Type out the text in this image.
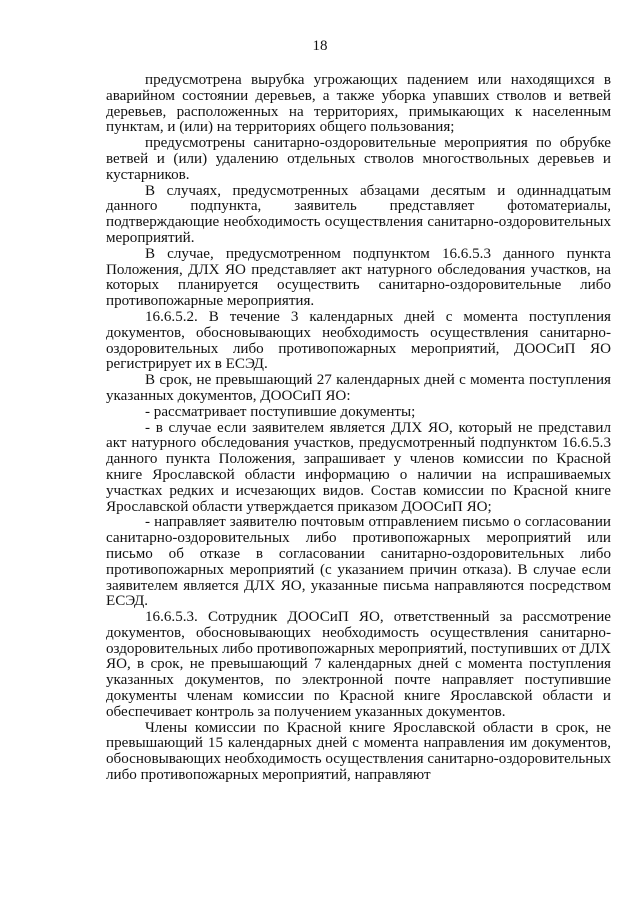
18

предусмотрена вырубка угрожающих падением или находящихся в аварийном состоянии деревьев, а также уборка упавших стволов и ветвей деревьев, расположенных на территориях, примыкающих к населенным пунктам, и (или) на территориях общего пользования;

предусмотрены санитарно-оздоровительные мероприятия по обрубке ветвей и (или) удалению отдельных стволов многоствольных деревьев и кустарников.

В случаях, предусмотренных абзацами десятым и одиннадцатым данного подпункта, заявитель представляет фотоматериалы, подтверждающие необходимость осуществления санитарно-оздоровительных мероприятий.

В случае, предусмотренном подпунктом 16.6.5.3 данного пункта Положения, ДЛХ ЯО представляет акт натурного обследования участков, на которых планируется осуществить санитарно-оздоровительные либо противопожарные мероприятия.

16.6.5.2. В течение 3 календарных дней с момента поступления документов, обосновывающих необходимость осуществления санитарно-оздоровительных либо противопожарных мероприятий, ДООСиП ЯО регистрирует их в ЕСЭД.

В срок, не превышающий 27 календарных дней с момента поступления указанных документов, ДООСиП ЯО:

- рассматривает поступившие документы;

- в случае если заявителем является ДЛХ ЯО, который не представил акт натурного обследования участков, предусмотренный подпунктом 16.6.5.3 данного пункта Положения, запрашивает у членов комиссии по Красной книге Ярославской области информацию о наличии на испрашиваемых участках редких и исчезающих видов. Состав комиссии по Красной книге Ярославской области утверждается приказом ДООСиП ЯО;

- направляет заявителю почтовым отправлением письмо о согласовании санитарно-оздоровительных либо противопожарных мероприятий или письмо об отказе в согласовании санитарно-оздоровительных либо противопожарных мероприятий (с указанием причин отказа). В случае если заявителем является ДЛХ ЯО, указанные письма направляются посредством ЕСЭД.

16.6.5.3. Сотрудник ДООСиП ЯО, ответственный за рассмотрение документов, обосновывающих необходимость осуществления санитарно-оздоровительных либо противопожарных мероприятий, поступивших от ДЛХ ЯО, в срок, не превышающий 7 календарных дней с момента поступления указанных документов, по электронной почте направляет поступившие документы членам комиссии по Красной книге Ярославской области и обеспечивает контроль за получением указанных документов.

Члены комиссии по Красной книге Ярославской области в срок, не превышающий 15 календарных дней с момента направления им документов, обосновывающих необходимость осуществления санитарно-оздоровительных либо противопожарных мероприятий, направляют
